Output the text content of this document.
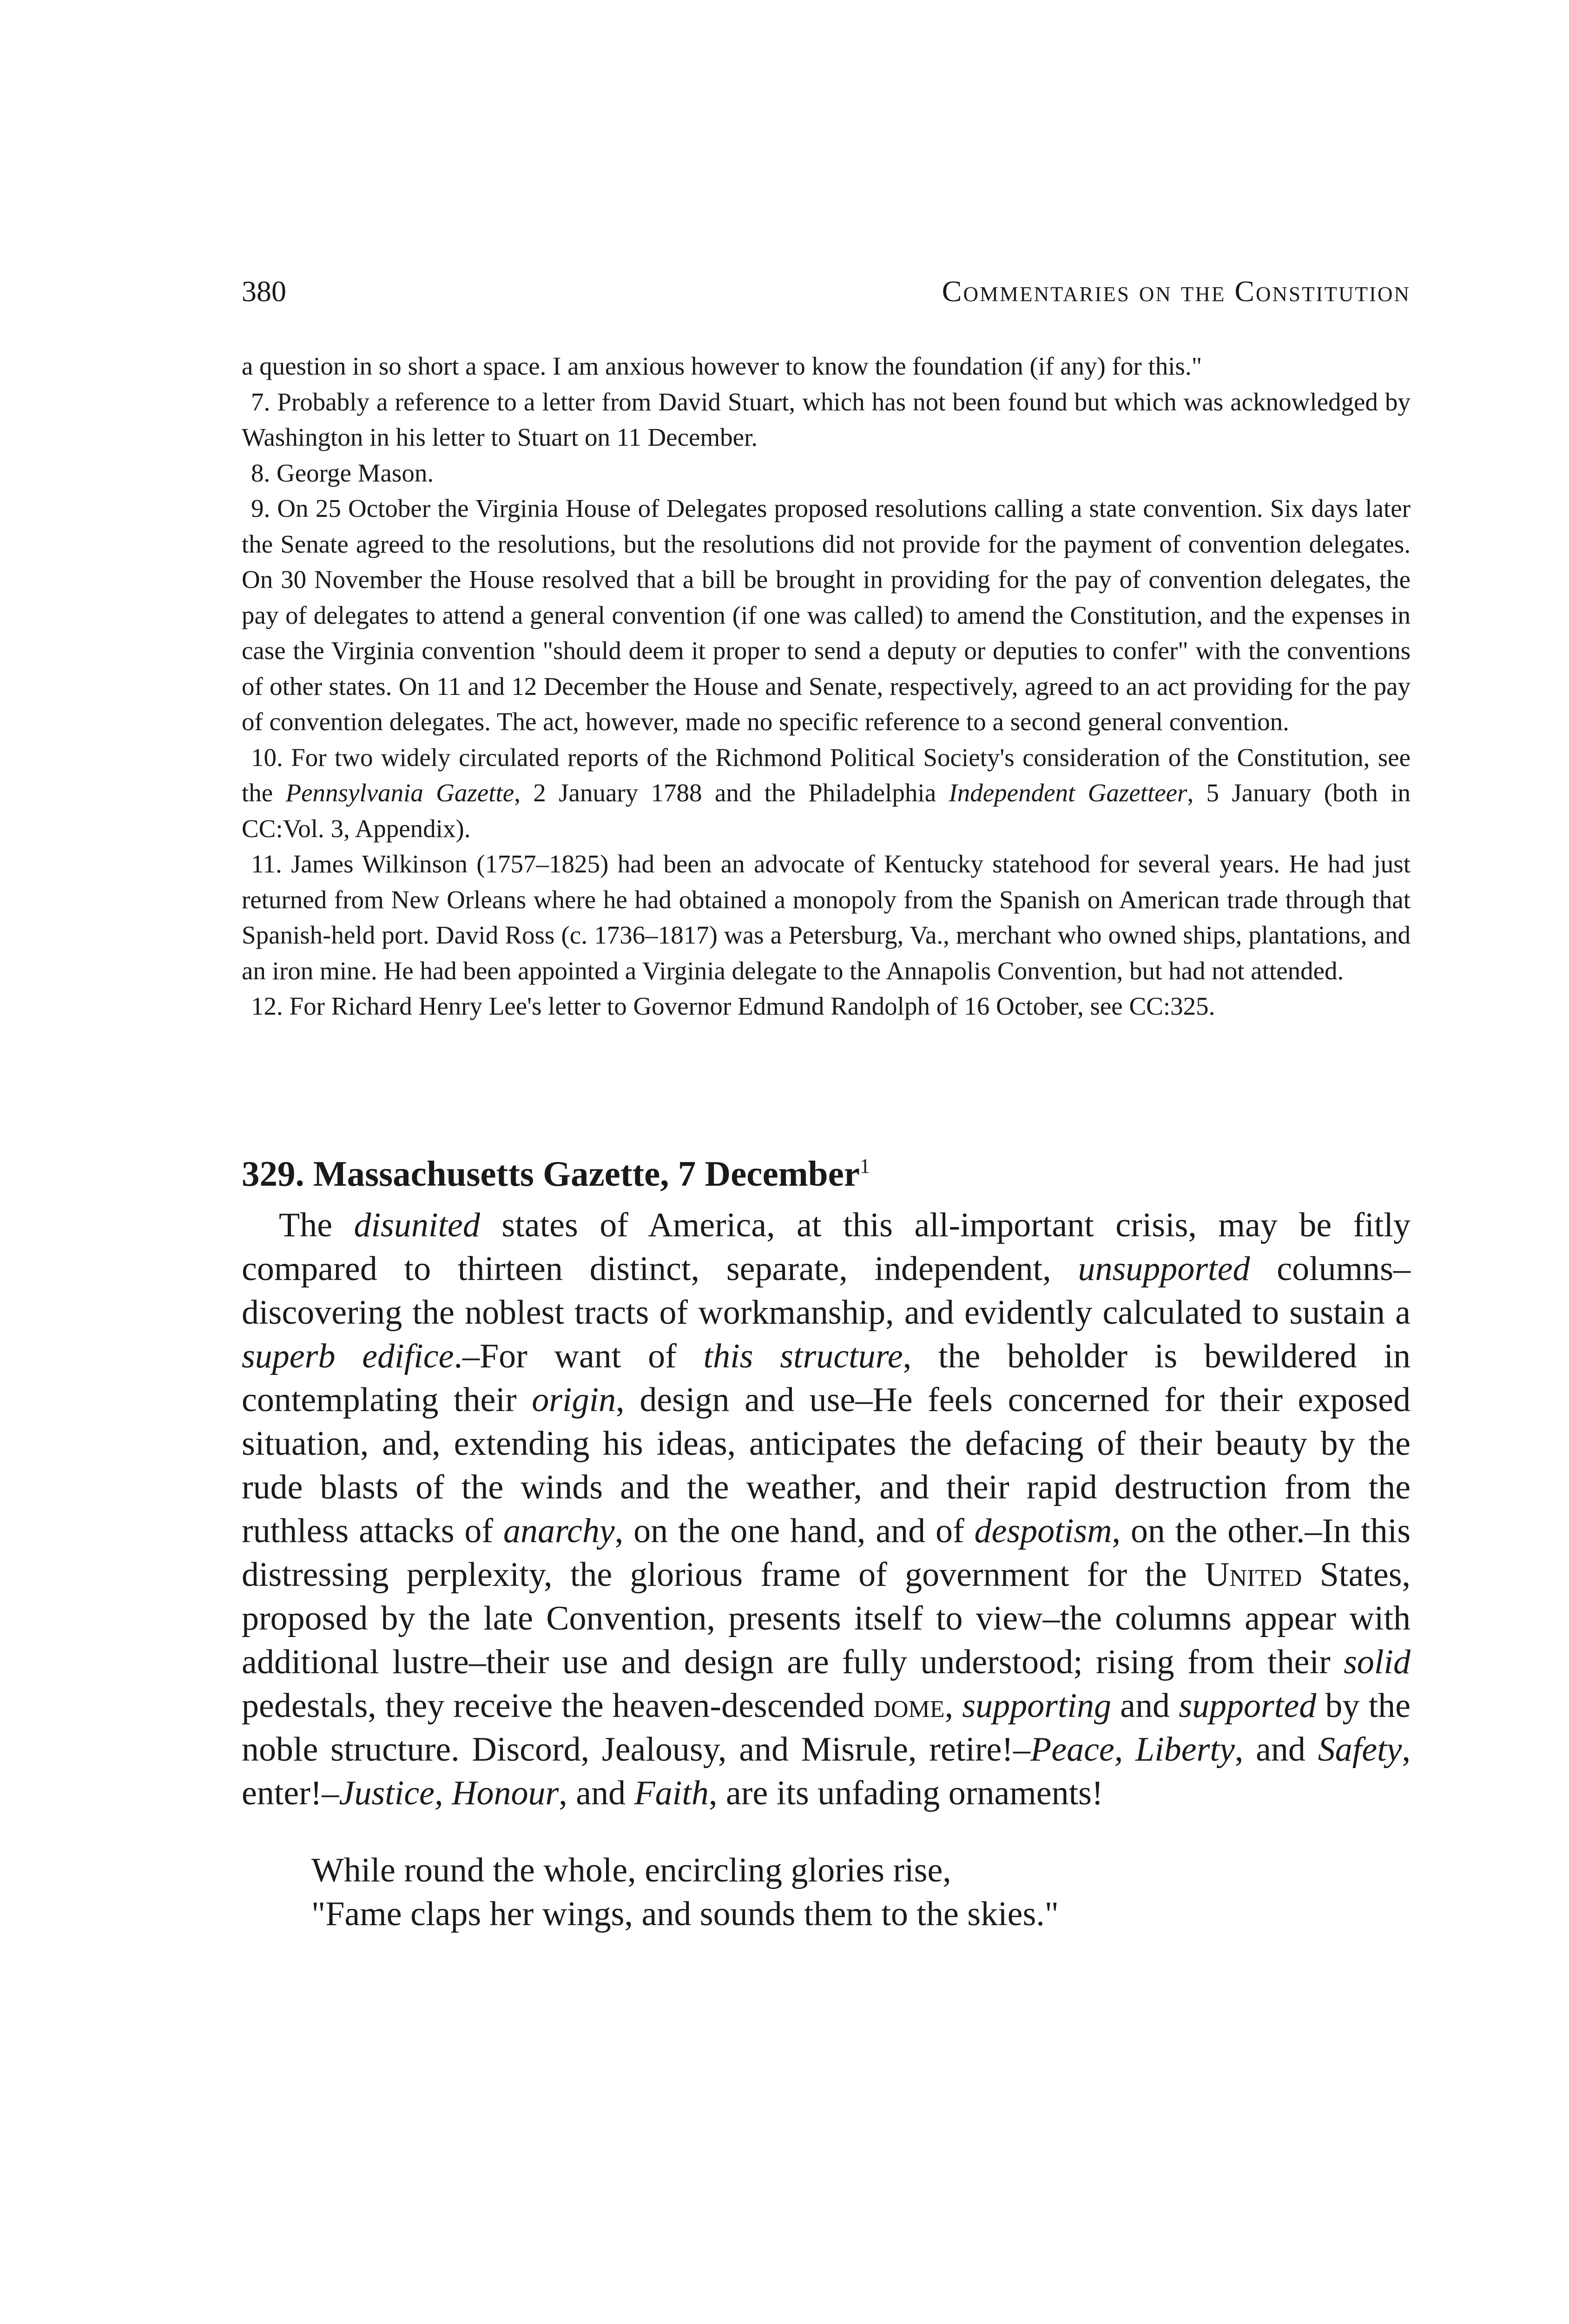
380	Commentaries on the Constitution

a question in so short a space. I am anxious however to know the foundation (if any) for this."

7. Probably a reference to a letter from David Stuart, which has not been found but which was acknowledged by Washington in his letter to Stuart on 11 December.

8. George Mason.

9. On 25 October the Virginia House of Delegates proposed resolutions calling a state convention. Six days later the Senate agreed to the resolutions, but the resolutions did not provide for the payment of convention delegates. On 30 November the House resolved that a bill be brought in providing for the pay of convention delegates, the pay of delegates to attend a general convention (if one was called) to amend the Constitution, and the expenses in case the Virginia convention "should deem it proper to send a deputy or deputies to confer" with the conventions of other states. On 11 and 12 December the House and Senate, respectively, agreed to an act providing for the pay of convention delegates. The act, however, made no specific reference to a second general convention.

10. For two widely circulated reports of the Richmond Political Society's consideration of the Constitution, see the Pennsylvania Gazette, 2 January 1788 and the Philadelphia Independent Gazetteer, 5 January (both in CC:Vol. 3, Appendix).

11. James Wilkinson (1757–1825) had been an advocate of Kentucky statehood for several years. He had just returned from New Orleans where he had obtained a monopoly from the Spanish on American trade through that Spanish-held port. David Ross (c. 1736–1817) was a Petersburg, Va., merchant who owned ships, plantations, and an iron mine. He had been appointed a Virginia delegate to the Annapolis Convention, but had not attended.

12. For Richard Henry Lee's letter to Governor Edmund Randolph of 16 October, see CC:325.

329. Massachusetts Gazette, 7 December$^1$

The disunited states of America, at this all-important crisis, may be fitly compared to thirteen distinct, separate, independent, unsupported columns–discovering the noblest tracts of workmanship, and evidently calculated to sustain a superb edifice.–For want of this structure, the beholder is bewildered in contemplating their origin, design and use–He feels concerned for their exposed situation, and, extending his ideas, anticipates the defacing of their beauty by the rude blasts of the winds and the weather, and their rapid destruction from the ruthless attacks of anarchy, on the one hand, and of despotism, on the other.–In this distressing perplexity, the glorious frame of government for the United States, proposed by the late Convention, presents itself to view–the columns appear with additional lustre–their use and design are fully understood; rising from their solid pedestals, they receive the heaven-descended dome, supporting and supported by the noble structure. Discord, Jealousy, and Misrule, retire!–Peace, Liberty, and Safety, enter!–Justice, Honour, and Faith, are its unfading ornaments!

While round the whole, encircling glories rise,

"Fame claps her wings, and sounds them to the skies."
